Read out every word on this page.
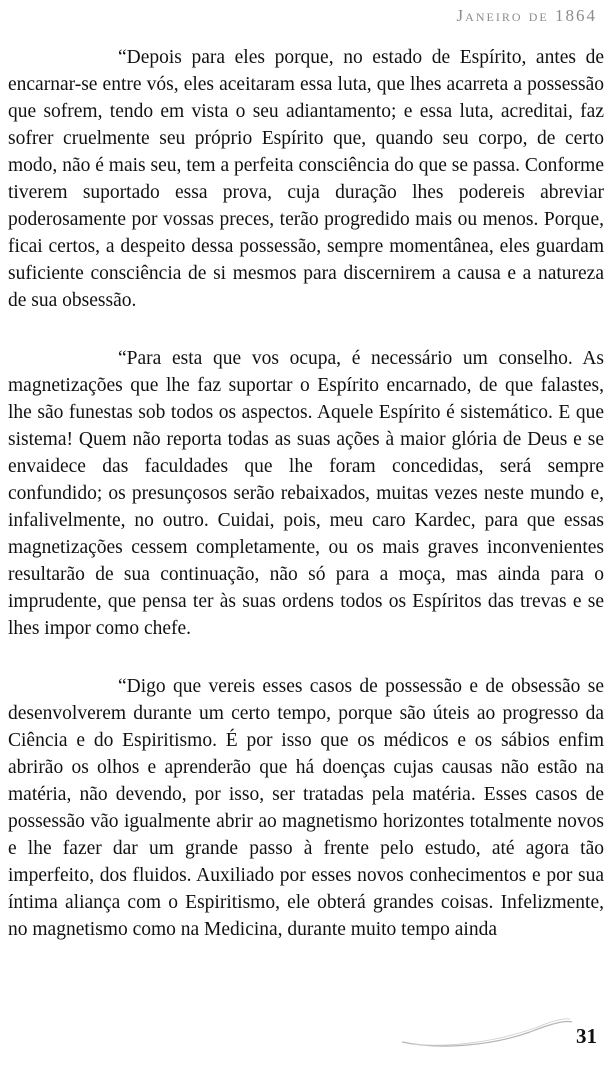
Janeiro de 1864

“Depois para eles porque, no estado de Espírito, antes de encarnar-se entre vós, eles aceitaram essa luta, que lhes acarreta a possessão que sofrem, tendo em vista o seu adiantamento; e essa luta, acreditai, faz sofrer cruelmente seu próprio Espírito que, quando seu corpo, de certo modo, não é mais seu, tem a perfeita consciência do que se passa. Conforme tiverem suportado essa prova, cuja duração lhes podereis abreviar poderosamente por vossas preces, terão progredido mais ou menos. Porque, ficai certos, a despeito dessa possessão, sempre momentânea, eles guardam suficiente consciência de si mesmos para discernirem a causa e a natureza de sua obsessão.

“Para esta que vos ocupa, é necessário um conselho. As magnetizações que lhe faz suportar o Espírito encarnado, de que falastes, lhe são funestas sob todos os aspectos. Aquele Espírito é sistemático. E que sistema! Quem não reporta todas as suas ações à maior glória de Deus e se envaidece das faculdades que lhe foram concedidas, será sempre confundido; os presunçosos serão rebaixados, muitas vezes neste mundo e, infalivelmente, no outro. Cuidai, pois, meu caro Kardec, para que essas magnetizações cessem completamente, ou os mais graves inconvenientes resultarão de sua continuação, não só para a moça, mas ainda para o imprudente, que pensa ter às suas ordens todos os Espíritos das trevas e se lhes impor como chefe.

“Digo que vereis esses casos de possessão e de obsessão se desenvolverem durante um certo tempo, porque são úteis ao progresso da Ciência e do Espiritismo. É por isso que os médicos e os sábios enfim abrirão os olhos e aprenderão que há doenças cujas causas não estão na matéria, não devendo, por isso, ser tratadas pela matéria. Esses casos de possessão vão igualmente abrir ao magnetismo horizontes totalmente novos e lhe fazer dar um grande passo à frente pelo estudo, até agora tão imperfeito, dos fluidos. Auxiliado por esses novos conhecimentos e por sua íntima aliança com o Espiritismo, ele obterá grandes coisas. Infelizmente, no magnetismo como na Medicina, durante muito tempo ainda

31
